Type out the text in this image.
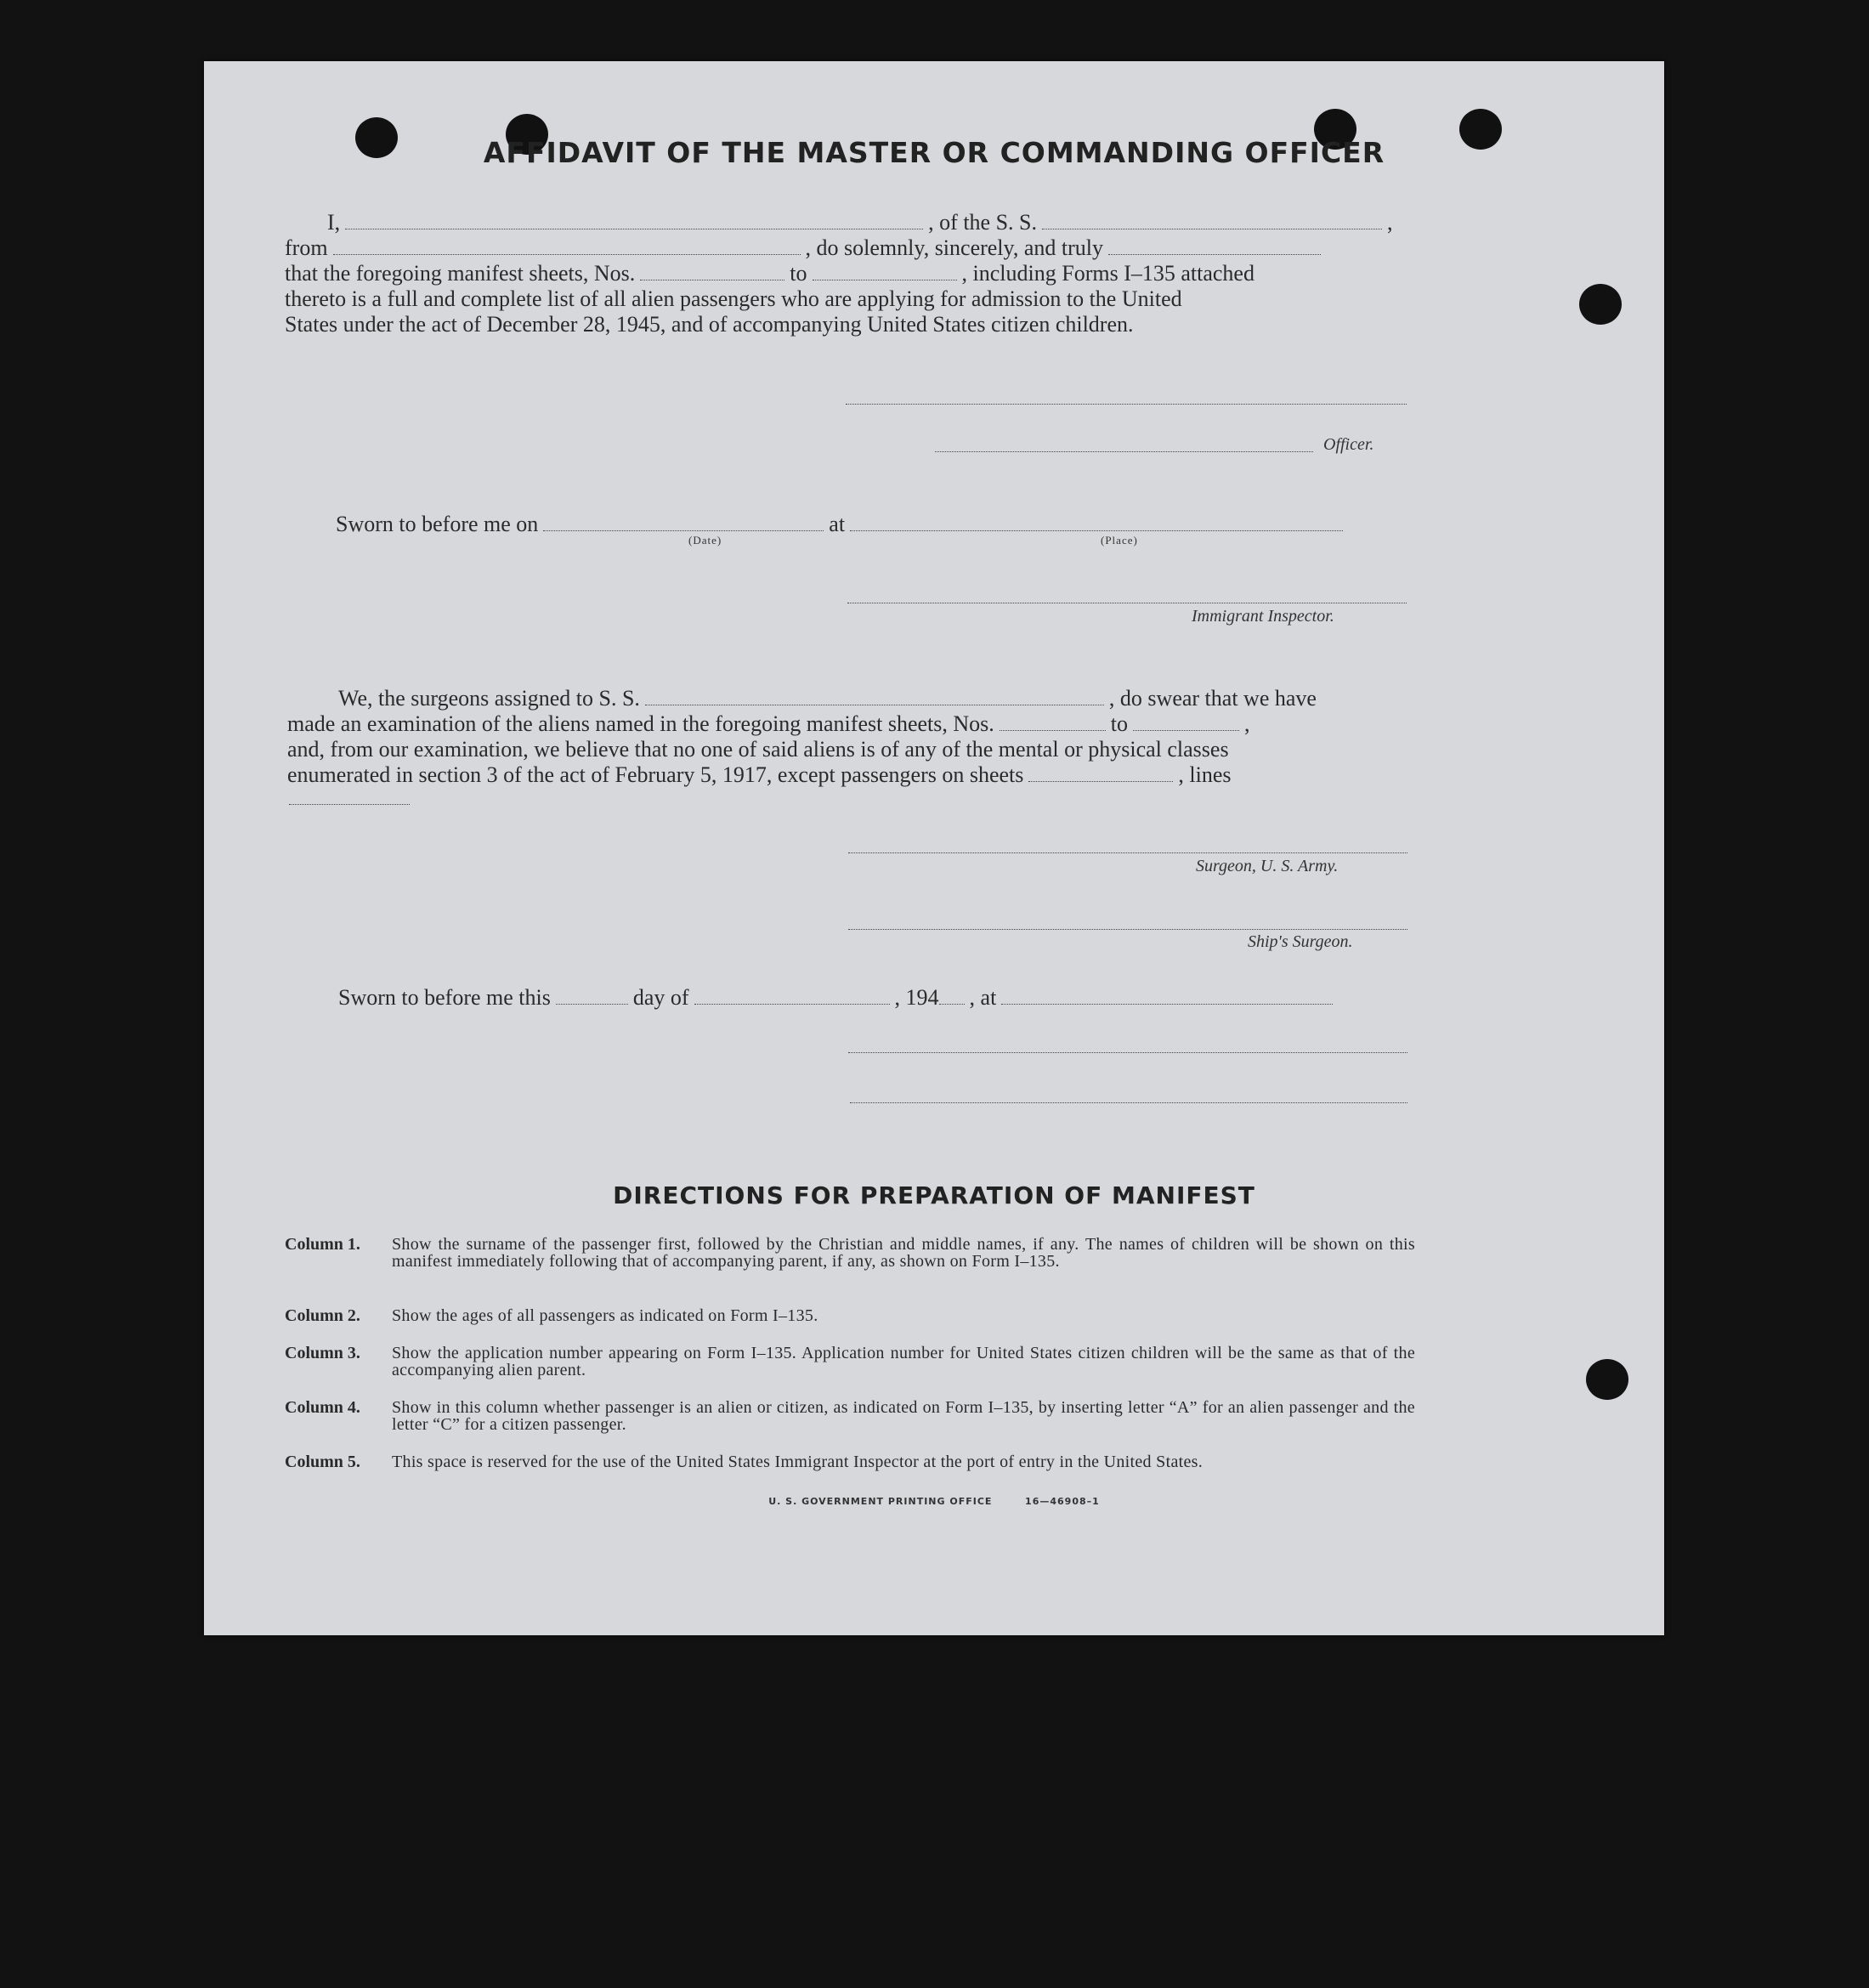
AFFIDAVIT OF THE MASTER OR COMMANDING OFFICER
I,	, of the S. S.	,
from	, do solemnly, sincerely, and truly
that the foregoing manifest sheets, Nos.	to	, including Forms I–135 attached
thereto is a full and complete list of all alien passengers who are applying for admission to the United
States under the act of December 28, 1945, and of accompanying United States citizen children.
Officer.
Sworn to before me on	at
(Date)	(Place)
Immigrant Inspector.
We, the surgeons assigned to S. S.	, do swear that we have
made an examination of the aliens named in the foregoing manifest sheets, Nos.	to	,
and, from our examination, we believe that no one of said aliens is of any of the mental or physical classes
enumerated in section 3 of the act of February 5, 1917, except passengers on sheets	, lines
Surgeon, U. S. Army.
Ship's Surgeon.
Sworn to before me this	day of	, 194 , at
DIRECTIONS FOR PREPARATION OF MANIFEST
Column 1. Show the surname of the passenger first, followed by the Christian and middle names, if any. The names of children will be shown on this manifest immediately following that of accompanying parent, if any, as shown on Form I–135.
Column 2. Show the ages of all passengers as indicated on Form I–135.
Column 3. Show the application number appearing on Form I–135. Application number for United States citizen children will be the same as that of the accompanying alien parent.
Column 4. Show in this column whether passenger is an alien or citizen, as indicated on Form I–135, by inserting letter “A” for an alien passenger and the letter “C” for a citizen passenger.
Column 5. This space is reserved for the use of the United States Immigrant Inspector at the port of entry in the United States.
U. S. GOVERNMENT PRINTING OFFICE        16—46908–1
